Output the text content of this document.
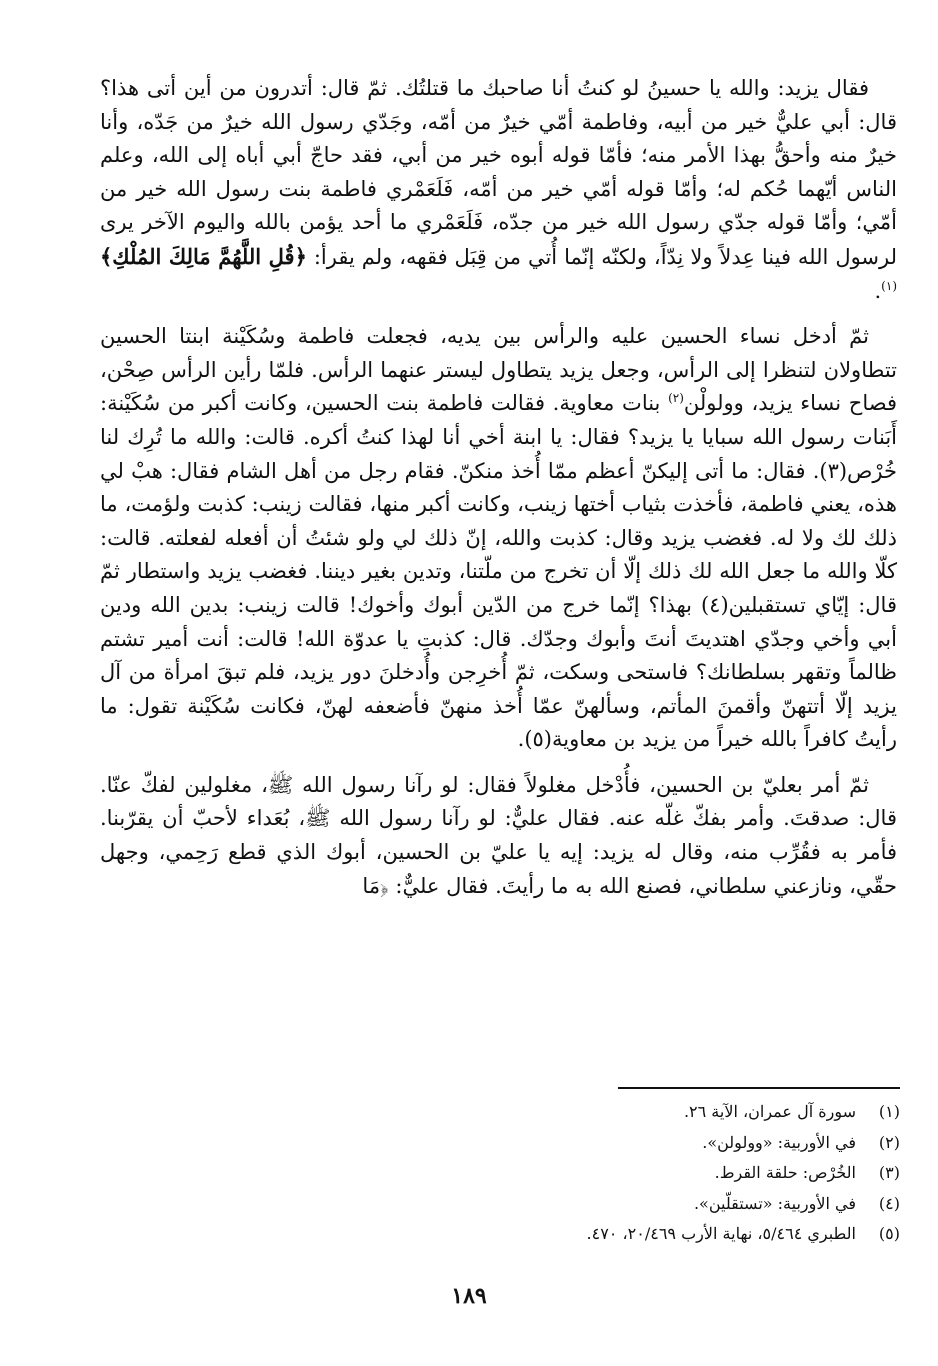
فقال يزيد: والله يا حسينُ لو كنتُ أنا صاحبك ما قتلتُك. ثمّ قال: أتدرون من أين أتى هذا؟ قال: أبي عليٌّ خير من أبيه، وفاطمة أمّي خيرٌ من أمّه، وجَدّي رسول الله خيرٌ من جَدّه، وأنا خيرٌ منه وأحقُّ بهذا الأمر منه؛ فأمّا قوله أبوه خير من أبي، فقد حاجّ أبي أباه إلى الله، وعلم الناس أيّهما حُكم له؛ وأمّا قوله أمّي خير من أمّه، فَلَعَمْري فاطمة بنت رسول الله خير من أمّي؛ وأمّا قوله جدّي رسول الله خير من جدّه، فَلَعَمْري ما أحد يؤمن بالله واليوم الآخر يرى لرسول الله فينا عِدلاً ولا نِدّاً، ولكنّه إنّما أُتي من قِبَل فقهه، ولم يقرأ: ﴿قُلِ اللَّهُمَّ مَالِكَ المُلْكِ﴾$^{(١)}$.

ثمّ أدخل نساء الحسين عليه والرأس بين يديه، فجعلت فاطمة وسُكَيْنة ابنتا الحسين تتطاولان لتنظرا إلى الرأس، وجعل يزيد يتطاول ليستر عنهما الرأس. فلمّا رأين الرأس صِحْن، فصاح نساء يزيد، وولولْن$^{(٢)}$ بنات معاوية. فقالت فاطمة بنت الحسين، وكانت أكبر من سُكَيْنة: أَبَنات رسول الله سبايا يا يزيد؟ فقال: يا ابنة أخي أنا لهذا كنتُ أكره. قالت: والله ما تُرِك لنا خُرْص(٣). فقال: ما أتى إليكنّ أعظم ممّا أُخذ منكنّ. فقام رجل من أهل الشام فقال: هبْ لي هذه، يعني فاطمة، فأخذت بثياب أختها زينب، وكانت أكبر منها، فقالت زينب: كذبت ولؤمت، ما ذلك لك ولا له. فغضب يزيد وقال: كذبت والله، إنّ ذلك لي ولو شئتُ أن أفعله لفعلته. قالت: كلّا والله ما جعل الله لك ذلك إلّا أن تخرج من ملّتنا، وتدين بغير ديننا. فغضب يزيد واستطار ثمّ قال: إيّاي تستقبلين(٤) بهذا؟ إنّما خرج من الدّين أبوك وأخوك! قالت زينب: بدين الله ودين أبي وأخي وجدّي اهتديتَ أنتَ وأبوك وجدّك. قال: كذبتِ يا عدوّة الله! قالت: أنت أمير تشتم ظالماً وتقهر بسلطانك؟ فاستحى وسكت، ثمّ أُخرِجن وأُدخلنَ دور يزيد، فلم تبقَ امرأة من آل يزيد إلّا أتتهنّ وأقمنَ المأتم، وسألهنّ عمّا أُخذ منهنّ فأضعفه لهنّ، فكانت سُكَيْنة تقول: ما رأيتُ كافراً بالله خيراً من يزيد بن معاوية(٥).

ثمّ أمر بعليّ بن الحسين، فأُدْخل مغلولاً فقال: لو رآنا رسول الله ﷺ، مغلولين لفكّ عنّا. قال: صدقتَ. وأمر بفكّ غلّه عنه. فقال عليٌّ: لو رآنا رسول الله ﷺ، بُعَداء لأحبّ أن يقرّبنا. فأمر به فقُرِّب منه، وقال له يزيد: إيه يا عليّ بن الحسين، أبوك الذي قطع رَحِمي، وجهل حقّي، ونازعني سلطاني، فصنع الله به ما رأيتَ. فقال عليٌّ: ﴿مَا

(١)
سورة آل عمران، الآية ٢٦.
(٢)
في الأوربية: «وولولن».
(٣)
الخُرْص: حلقة القرط.
(٤)
في الأوربية: «تستقلّين».
(٥)
الطبري ٥/٤٦٤، نهاية الأرب ٢٠/٤٦٩، ٤٧٠.
١٨٩
